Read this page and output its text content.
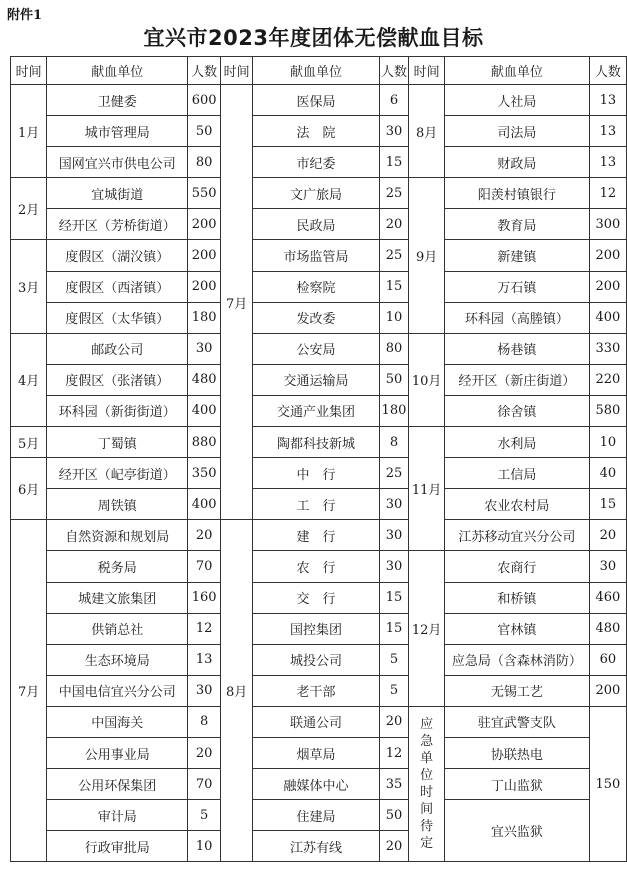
附件1
宜兴市2023年度团体无偿献血目标
时间	献血单位	人数	时间	献血单位	人数	时间	献血单位	人数
1月	卫健委	600	7月	医保局	6	8月	人社局	13
	城市管理局	50		法　院	30		司法局	13
	国网宜兴市供电公司	80		市纪委	15		财政局	13
2月	宜城街道	550		文广旅局	25	9月	阳羡村镇银行	12
	经开区（芳桥街道）	200		民政局	20		教育局	300
3月	度假区（湖㳇镇）	200		市场监管局	25		新建镇	200
	度假区（西渚镇）	200		检察院	15		万石镇	200
	度假区（太华镇）	180		发改委	10		环科园（高塍镇）	400
4月	邮政公司	30		公安局	80	10月	杨巷镇	330
	度假区（张渚镇）	480		交通运输局	50		经开区（新庄街道）	220
	环科园（新街街道）	400		交通产业集团	180		徐舍镇	580
5月	丁蜀镇	880		陶都科技新城	8	11月	水利局	10
6月	经开区（屺亭街道）	350		中　行	25		工信局	40
	周铁镇	400		工　行	30		农业农村局	15
7月	自然资源和规划局	20	8月	建　行	30		江苏移动宜兴分公司	20
	税务局	70		农　行	30	12月	农商行	30
	城建文旅集团	160		交　行	15		和桥镇	460
	供销总社	12		国控集团	15		官林镇	480
	生态环境局	13		城投公司	5		应急局（含森林消防）	60
	中国电信宜兴分公司	30		老干部	5		无锡工艺	200
	中国海关	8		联通公司	20	应急单位时间待定	驻宜武警支队	150
	公用事业局	20		烟草局	12		协联热电	
	公用环保集团	70		融媒体中心	35		丁山监狱	
	审计局	5		住建局	50		宜兴监狱	
	行政审批局	10		江苏有线	20			
